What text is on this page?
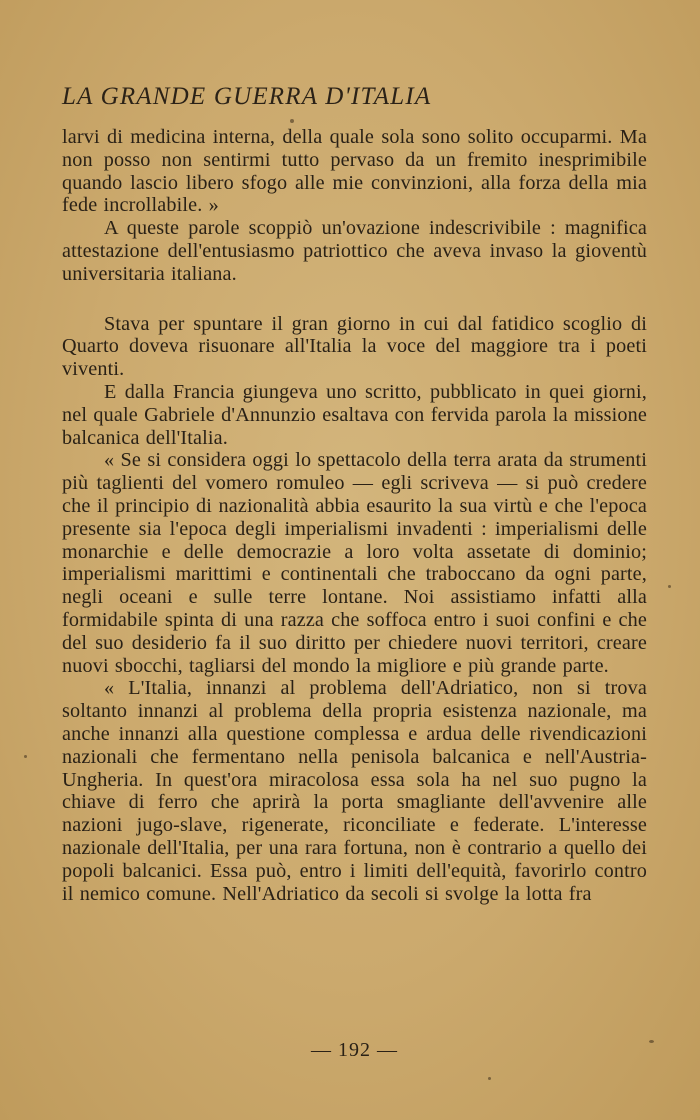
LA GRANDE GUERRA D'ITALIA

larvi di medicina interna, della quale sola sono solito occuparmi. Ma non posso non sentirmi tutto pervaso da un fremito inesprimibile quando lascio libero sfogo alle mie convinzioni, alla forza della mia fede incrollabile. »

A queste parole scoppiò un'ovazione indescrivibile : magnifica attestazione dell'entusiasmo patriottico che aveva invaso la gioventù universitaria italiana.

Stava per spuntare il gran giorno in cui dal fatidico scoglio di Quarto doveva risuonare all'Italia la voce del maggiore tra i poeti viventi.

E dalla Francia giungeva uno scritto, pubblicato in quei giorni, nel quale Gabriele d'Annunzio esaltava con fervida parola la missione balcanica dell'Italia.

« Se si considera oggi lo spettacolo della terra arata da strumenti più taglienti del vomero romuleo — egli scriveva — si può credere che il principio di nazionalità abbia esaurito la sua virtù e che l'epoca presente sia l'epoca degli imperialismi invadenti : imperialismi delle monarchie e delle democrazie a loro volta assetate di dominio; imperialismi marittimi e continentali che traboccano da ogni parte, negli oceani e sulle terre lontane. Noi assistiamo infatti alla formidabile spinta di una razza che soffoca entro i suoi confini e che del suo desiderio fa il suo diritto per chiedere nuovi territori, creare nuovi sbocchi, tagliarsi del mondo la migliore e più grande parte.

« L'Italia, innanzi al problema dell'Adriatico, non si trova soltanto innanzi al problema della propria esistenza nazionale, ma anche innanzi alla questione complessa e ardua delle rivendicazioni nazionali che fermentano nella penisola balcanica e nell'Austria-Ungheria. In quest'ora miracolosa essa sola ha nel suo pugno la chiave di ferro che aprirà la porta smagliante dell'avvenire alle nazioni jugo-slave, rigenerate, riconciliate e federate. L'interesse nazionale dell'Italia, per una rara fortuna, non è contrario a quello dei popoli balcanici. Essa può, entro i limiti dell'equità, favorirlo contro il nemico comune. Nell'Adriatico da secoli si svolge la lotta fra

— 192 —
